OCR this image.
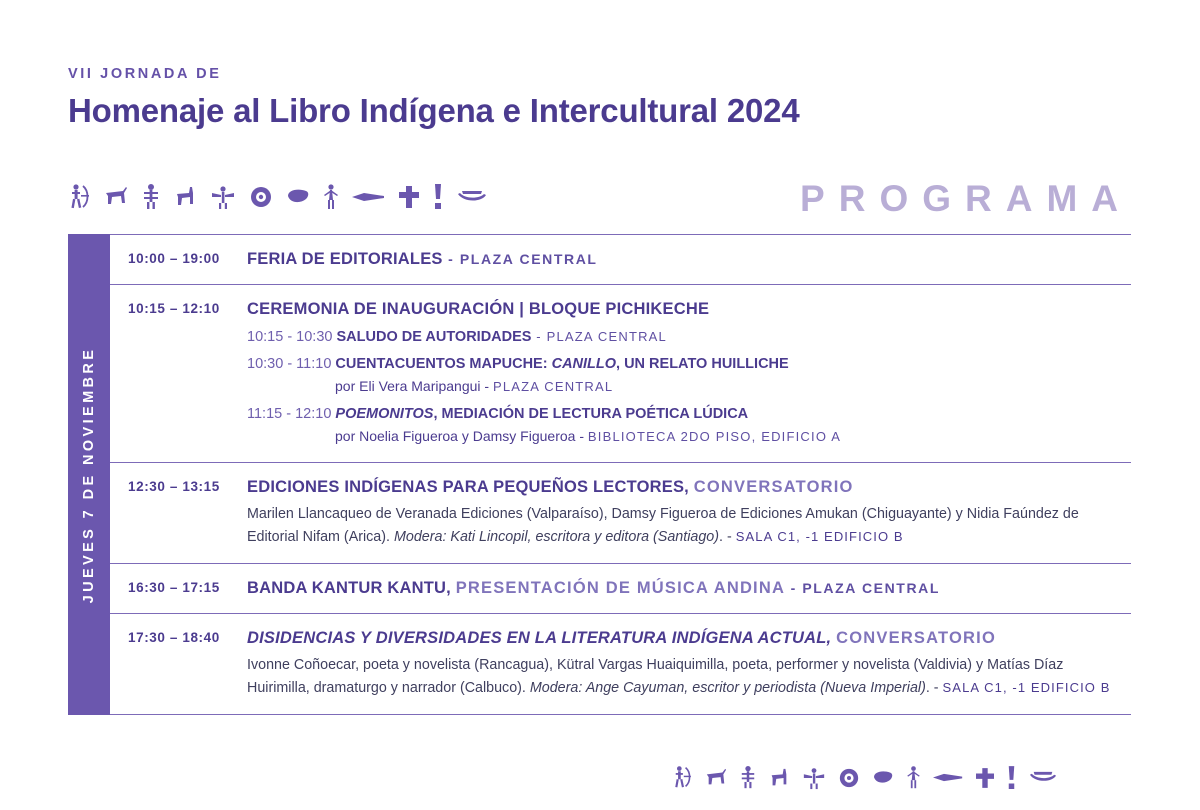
VII JORNADA DE
Homenaje al Libro Indígena e Intercultural 2024
PROGRAMA
JUEVES 7 DE NOVIEMBRE
10:00 – 19:00	FERIA DE EDITORIALES - PLAZA CENTRAL
10:15 – 12:10	CEREMONIA DE INAUGURACIÓN | BLOQUE PICHIKECHE
10:15 - 10:30 SALUDO DE AUTORIDADES - PLAZA CENTRAL
10:30 - 11:10 CUENTACUENTOS MAPUCHE: CANILLO, UN RELATO HUILLICHE
por Eli Vera Maripangui - PLAZA CENTRAL
11:15 - 12:10 POEMONITOS, MEDIACIÓN DE LECTURA POÉTICA LÚDICA
por Noelia Figueroa y Damsy Figueroa - BIBLIOTECA 2DO PISO, EDIFICIO A
12:30 – 13:15	EDICIONES INDÍGENAS PARA PEQUEÑOS LECTORES, CONVERSATORIO
Marilen Llancaqueo de Veranada Ediciones (Valparaíso), Damsy Figueroa de Ediciones Amukan (Chiguayante) y Nidia Faúndez de Editorial Nifam (Arica). Modera: Kati Lincopil, escritora y editora (Santiago). - SALA C1, -1 EDIFICIO B
16:30 – 17:15	BANDA KANTUR KANTU, PRESENTACIÓN DE MÚSICA ANDINA - PLAZA CENTRAL
17:30 – 18:40	DISIDENCIAS Y DIVERSIDADES EN LA LITERATURA INDÍGENA ACTUAL, CONVERSATORIO
Ivonne Coñoecar, poeta y novelista (Rancagua), Kütral Vargas Huaiquimilla, poeta, performer y novelista (Valdivia) y Matías Díaz Huirimilla, dramaturgo y narrador (Calbuco). Modera: Ange Cayuman, escritor y periodista (Nueva Imperial). - SALA C1, -1 EDIFICIO B
